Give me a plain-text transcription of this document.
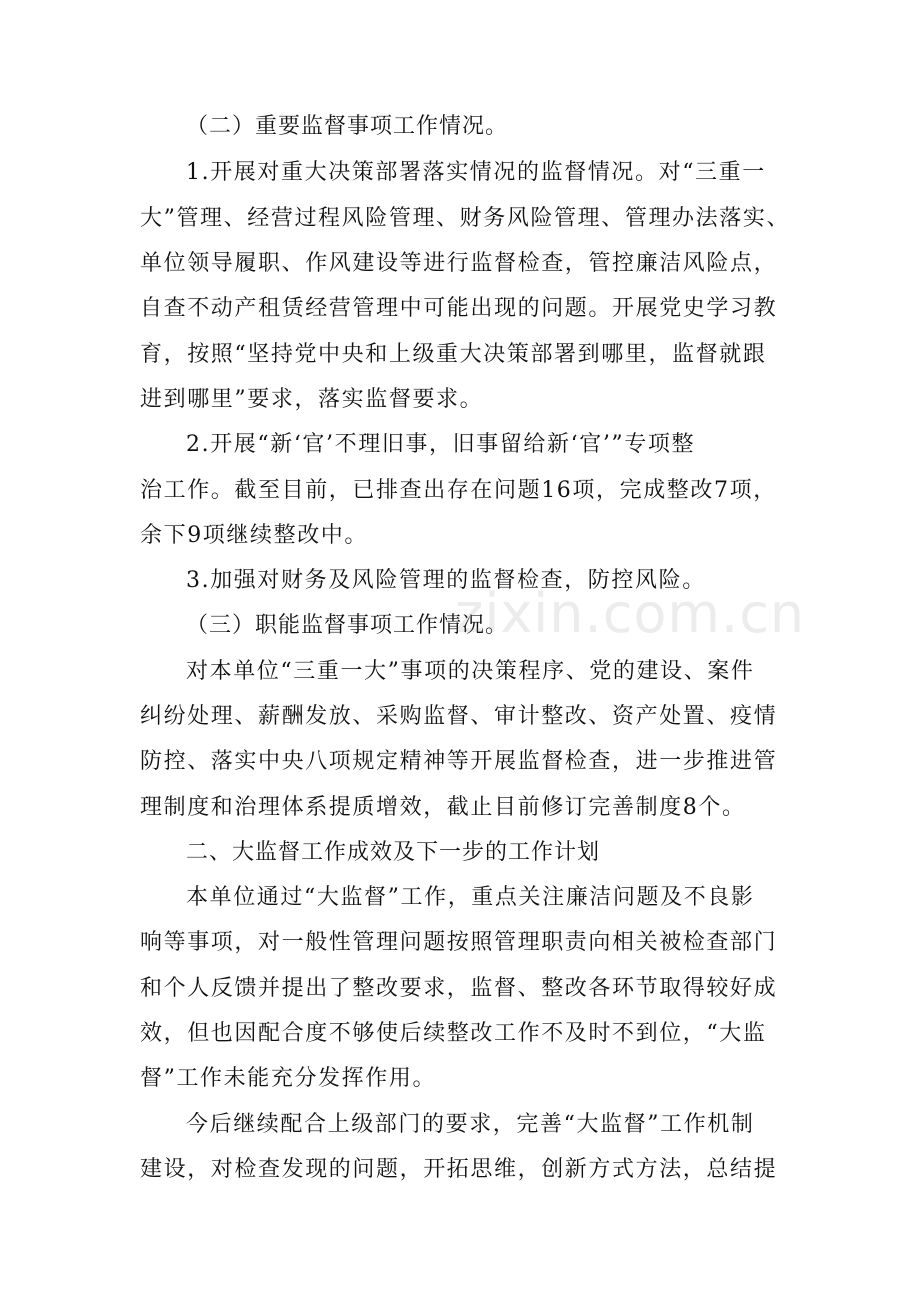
（二）重要监督事项工作情况。

1.开展对重大决策部署落实情况的监督情况。对“三重一

大”管理、经营过程风险管理、财务风险管理、管理办法落实、

单位领导履职、作风建设等进行监督检查，管控廉洁风险点，

自查不动产租赁经营管理中可能出现的问题。开展党史学习教

育，按照“坚持党中央和上级重大决策部署到哪里，监督就跟

进到哪里”要求，落实监督要求。

2.开展“新‘官’不理旧事，旧事留给新‘官’”专项整

治工作。截至目前，已排查出存在问题16项，完成整改7项，

余下9项继续整改中。

3.加强对财务及风险管理的监督检查，防控风险。

（三）职能监督事项工作情况。

对本单位“三重一大”事项的决策程序、党的建设、案件

纠纷处理、薪酬发放、采购监督、审计整改、资产处置、疫情

防控、落实中央八项规定精神等开展监督检查，进一步推进管

理制度和治理体系提质增效，截止目前修订完善制度8个。

二、大监督工作成效及下一步的工作计划

本单位通过“大监督”工作，重点关注廉洁问题及不良影

响等事项，对一般性管理问题按照管理职责向相关被检查部门

和个人反馈并提出了整改要求，监督、整改各环节取得较好成

效，但也因配合度不够使后续整改工作不及时不到位，“大监

督”工作未能充分发挥作用。

今后继续配合上级部门的要求，完善“大监督”工作机制

建设，对检查发现的问题，开拓思维，创新方式方法，总结提

zixin.com.cn
